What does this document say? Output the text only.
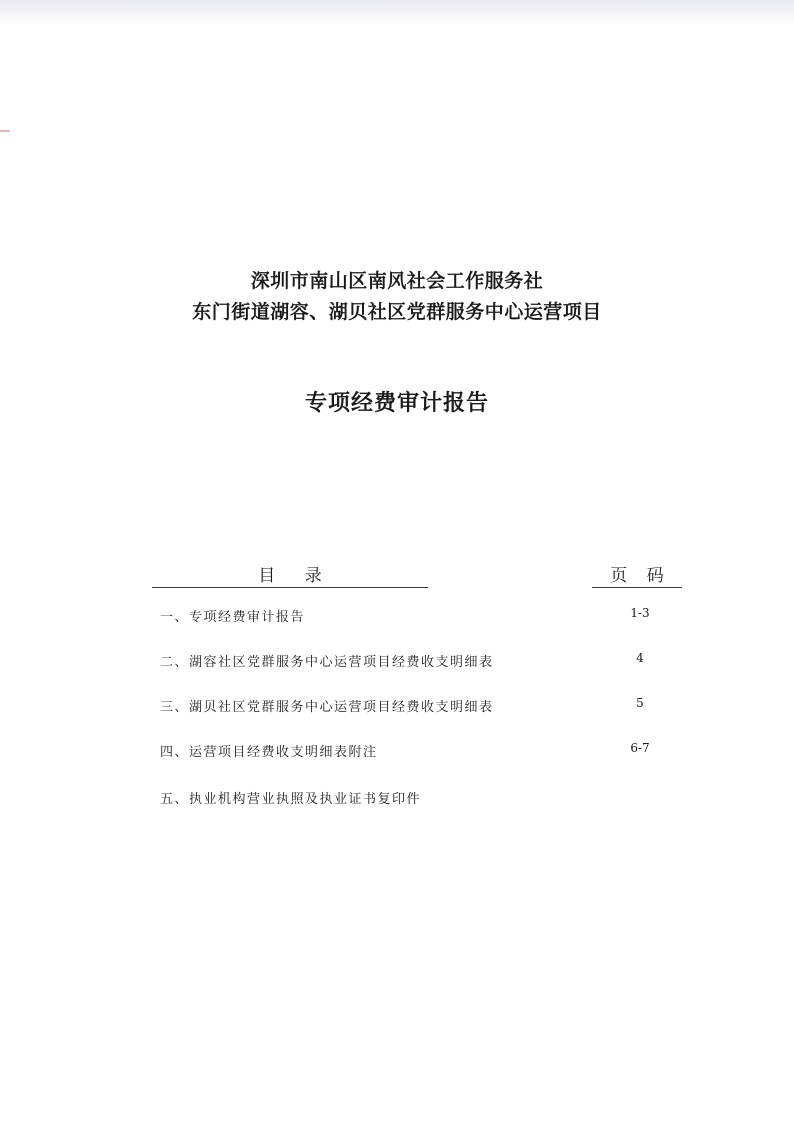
深圳市南山区南风社会工作服务社
东门街道湖容、湖贝社区党群服务中心运营项目
专项经费审计报告
目 录	页 码
一、专项经费审计报告	1-3
二、湖容社区党群服务中心运营项目经费收支明细表	4
三、湖贝社区党群服务中心运营项目经费收支明细表	5
四、运营项目经费收支明细表附注	6-7
五、执业机构营业执照及执业证书复印件
